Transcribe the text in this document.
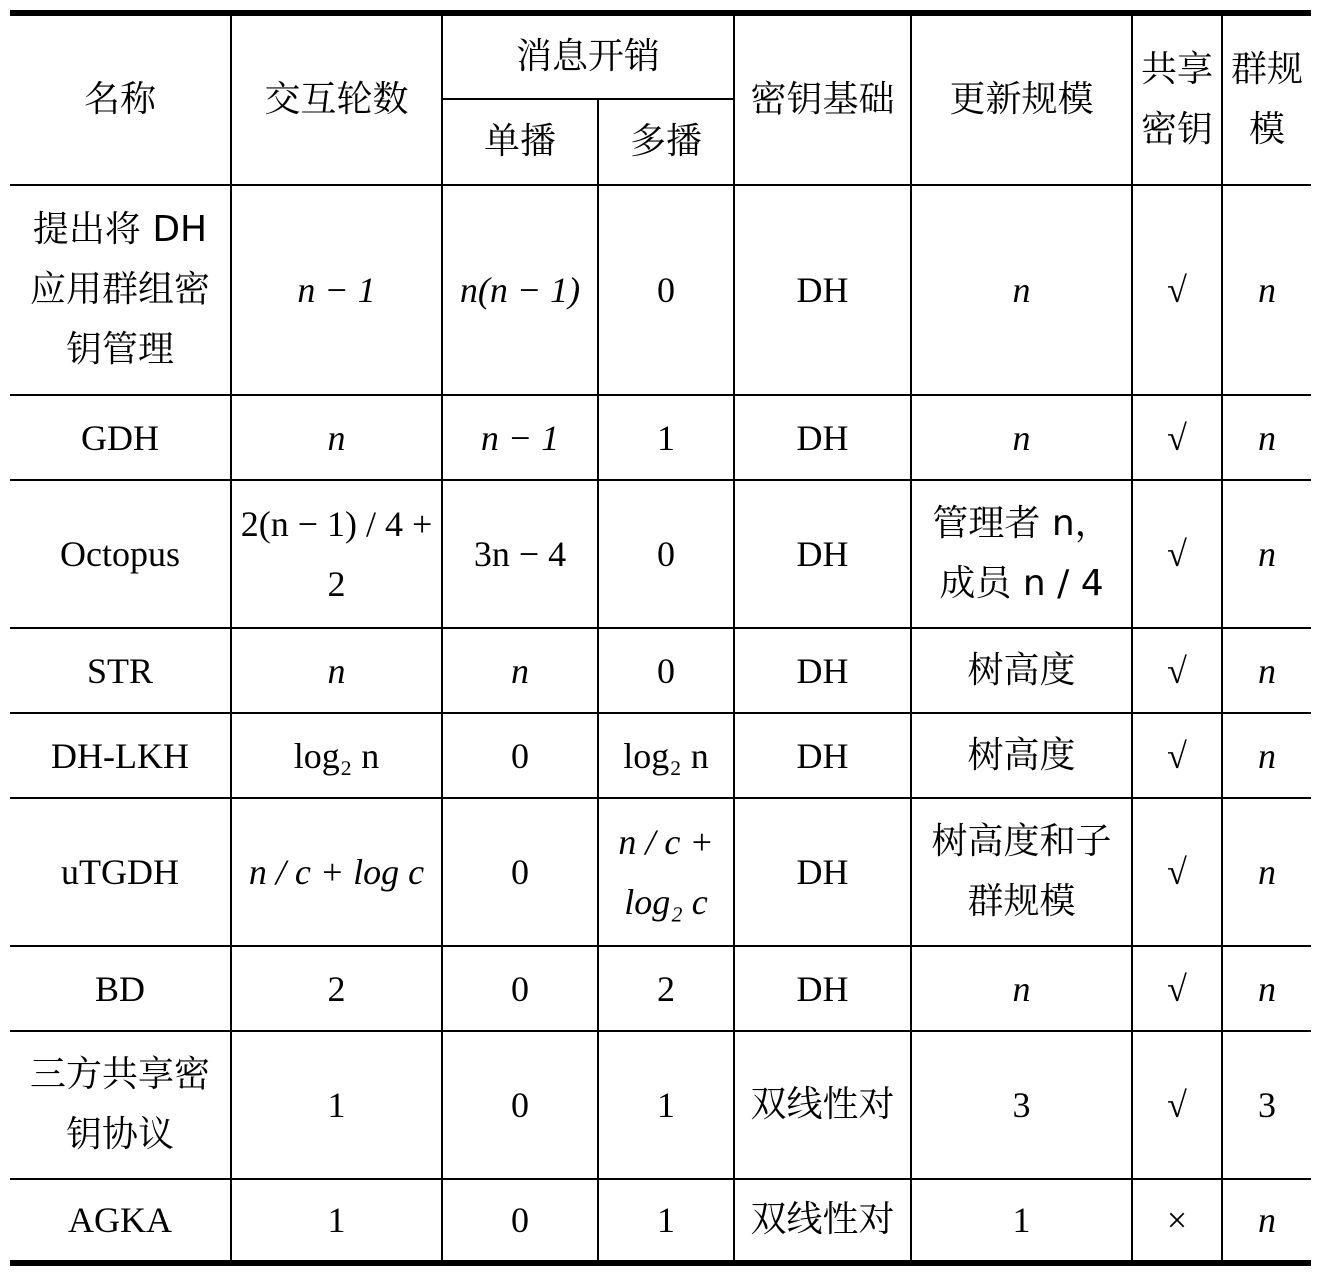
名称	交互轮数	消息开销		密钥基础	更新规模	共享密钥	群规模
		单播	多播				
提出将 DH 应用群组密钥管理	n − 1	n(n − 1)	0	DH	n	√	n
GDH	n	n − 1	1	DH	n	√	n
Octopus	2(n − 1) / 4 + 2	3n − 4	0	DH	管理者 n，成员 n / 4	√	n
STR	n	n	0	DH	树高度	√	n
DH-LKH	log₂ n	0	log₂ n	DH	树高度	√	n
uTGDH	n / c + log c	0	n / c + log₂ c	DH	树高度和子群规模	√	n
BD	2	0	2	DH	n	√	n
三方共享密钥协议	1	0	1	双线性对	3	√	3
AGKA	1	0	1	双线性对	1	×	n
